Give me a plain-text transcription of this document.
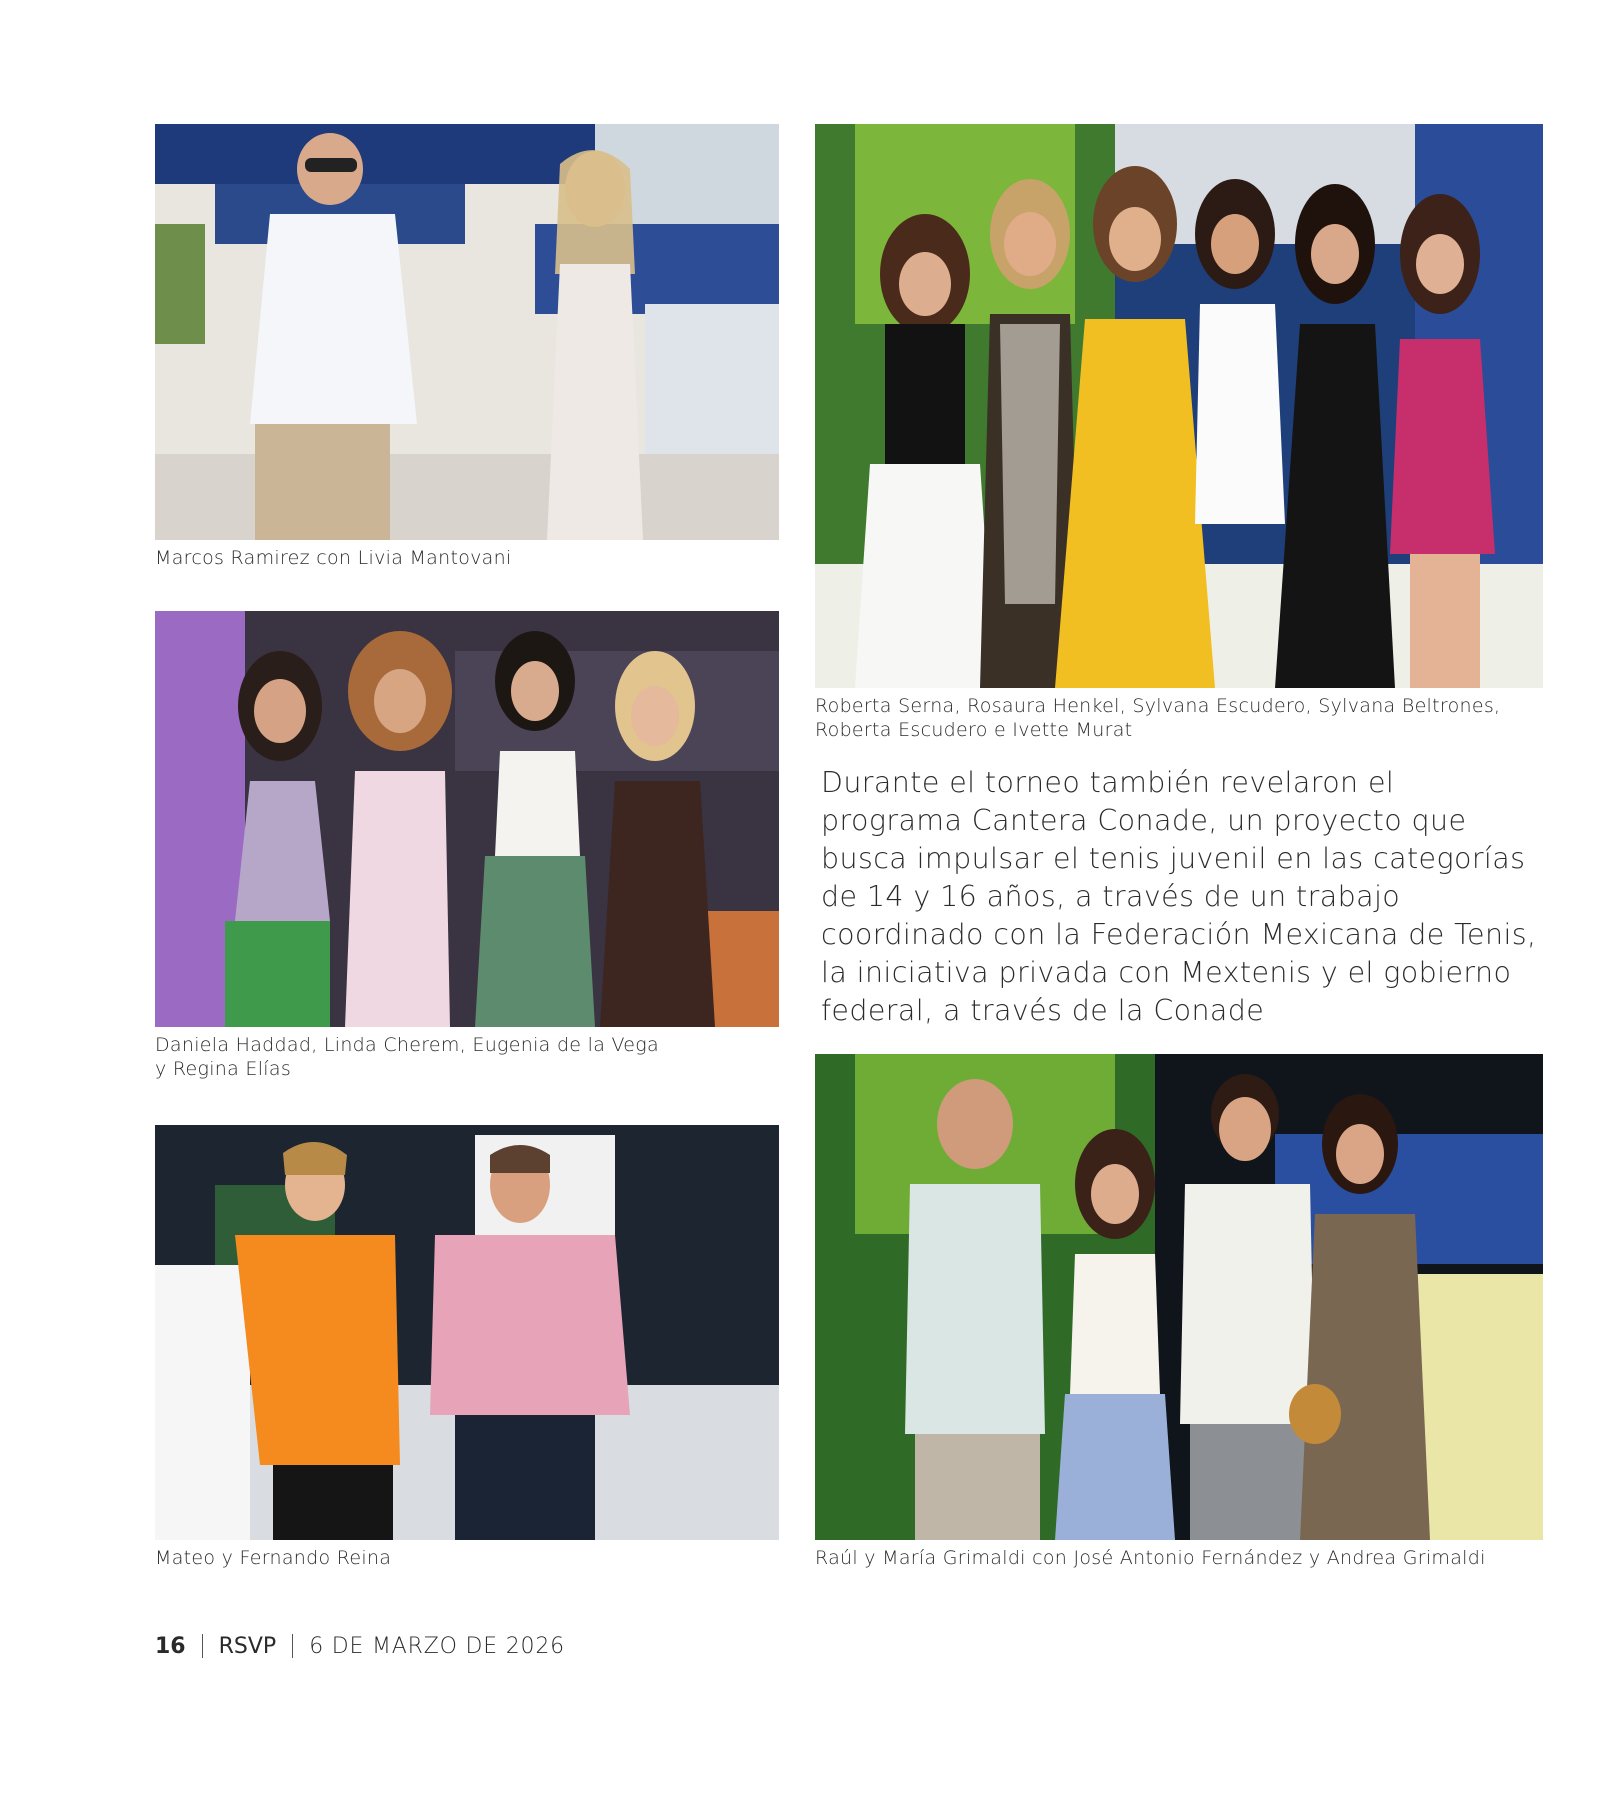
Marcos Ramirez con Livia Mantovani
Daniela Haddad, Linda Cherem, Eugenia de la Vega
y Regina Elías
Mateo y Fernando Reina
Roberta Serna, Rosaura Henkel, Sylvana Escudero, Sylvana Beltrones,
Roberta Escudero e Ivette Murat
Durante el torneo también revelaron el programa Cantera Conade, un proyecto que busca impulsar el tenis juvenil en las categorías de 14 y 16 años, a través de un trabajo coordinado con la Federación Mexicana de Tenis, la iniciativa privada con Mextenis y el gobierno federal, a través de la Conade
Raúl y María Grimaldi con José Antonio Fernández y Andrea Grimaldi
16 RSVP 6 DE MARZO DE 2026
